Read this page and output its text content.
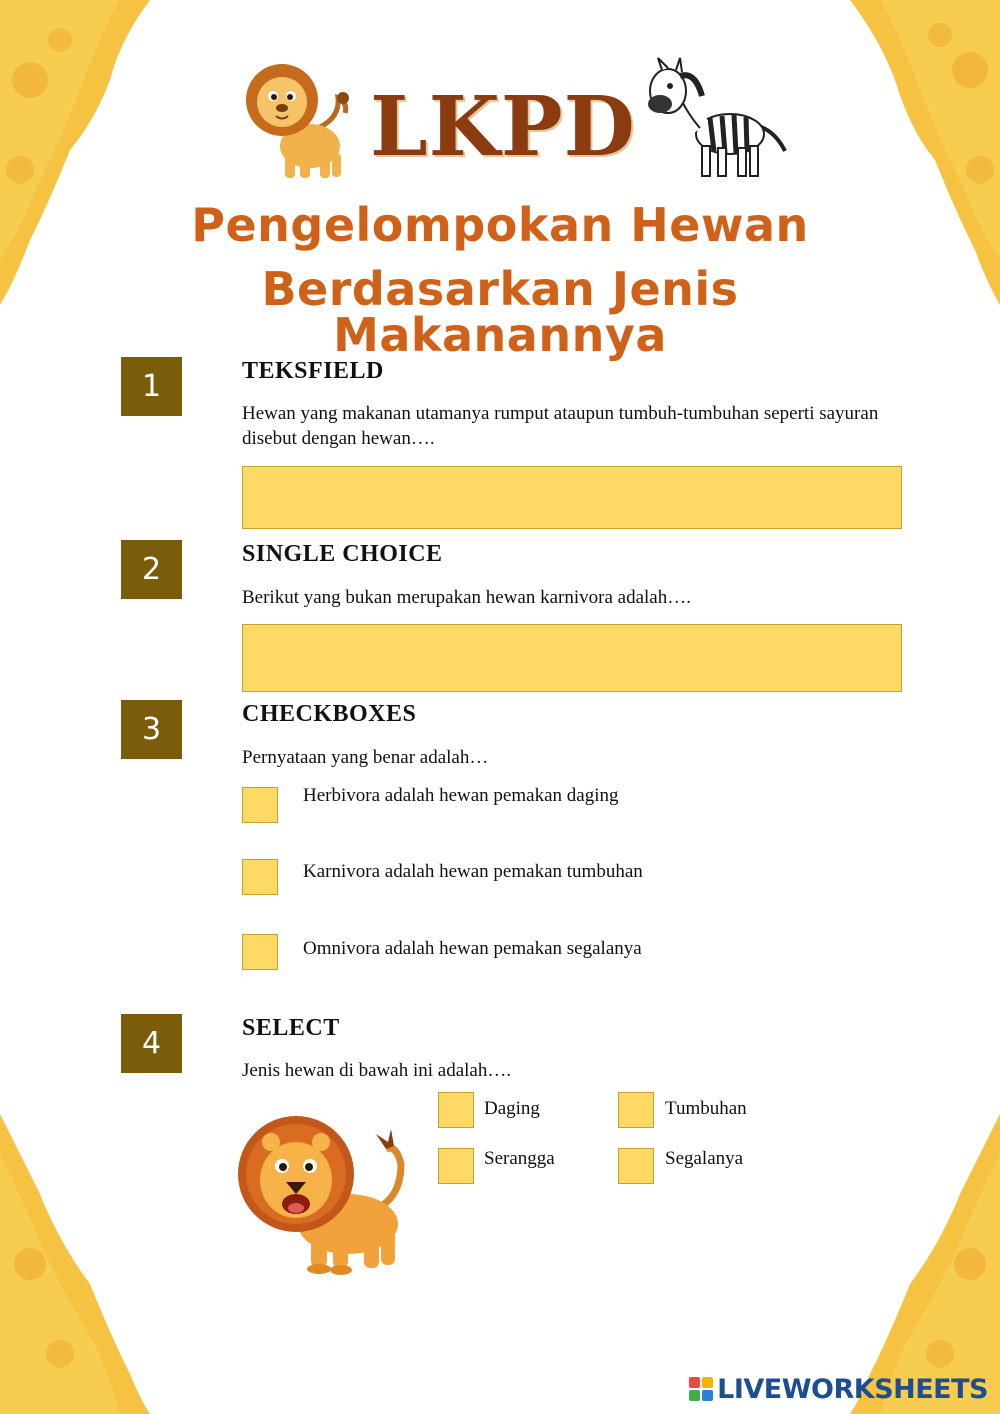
LKPD
Pengelompokan Hewan
Berdasarkan Jenis Makanannya
1	TEKSFIELD
Hewan yang makanan utamanya rumput ataupun tumbuh-tumbuhan seperti sayuran disebut dengan hewan….
2	SINGLE CHOICE
Berikut yang bukan merupakan hewan karnivora adalah….
3	CHECKBOXES
Pernyataan yang benar adalah…
Herbivora adalah hewan pemakan daging
Karnivora adalah hewan pemakan tumbuhan
Omnivora adalah hewan pemakan segalanya
4	SELECT
Jenis hewan di bawah ini adalah….
Daging	Tumbuhan
Serangga	Segalanya
LIVEWORKSHEETS
